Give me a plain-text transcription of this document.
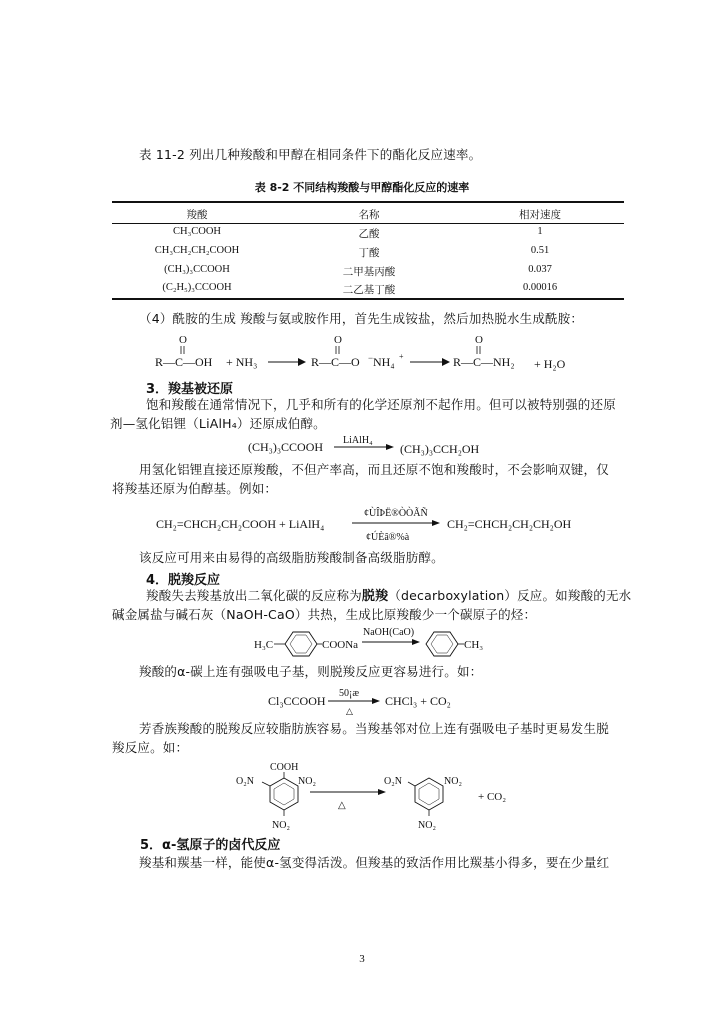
表 11-2 列出几种羧酸和甲醇在相同条件下的酯化反应速率。
表 8-2 不同结构羧酸与甲醇酯化反应的速率
羧酸	名称	相对速度
CH₃COOH	乙酸	1
CH₃CH₂CH₂COOH	丁酸	0.51
(CH₃)₃CCOOH	二甲基丙酸	0.037
(C₂H₅)₃CCOOH	二乙基丁酸	0.00016
（4）酰胺的生成 羧酸与氨或胺作用，首先生成铵盐，然后加热脱水生成酰胺：
O
R—C—OH + NH₃
O
R—C—O − NH₄ +
O
R—C—NH₂ + H₂O
3．羧基被还原
饱和羧酸在通常情况下，几乎和所有的化学还原剂不起作用。但可以被特别强的还原
剂—氢化铝锂（LiAlH₄）还原成伯醇。
(CH₃)₃CCOOH LiAlH₄
(CH₃)₃CCH₂OH
用氢化铝锂直接还原羧酸，不但产率高，而且还原不饱和羧酸时，不会影响双键，仅
将羧基还原为伯醇基。例如：
CH₂=CHCH₂CH₂COOH + LiAlH₄
¢ÙÎÞË®ÒÒÃÑ
¢ÚÈâ®%à
CH₂=CHCH₂CH₂CH₂OH
该反应可用来由易得的高级脂肪羧酸制备高级脂肪醇。
4．脱羧反应
羧酸失去羧基放出二氧化碳的反应称为脱羧（decarboxylation）反应。如羧酸的无水
碱金属盐与碱石灰（NaOH-CaO）共热，生成比原羧酸少一个碳原子的烃：
H₃C	COONa
NaOH(CaO)
CH₃
羧酸的α-碳上连有强吸电子基，则脱羧反应更容易进行。如：
Cl₃CCOOH
50¡æ
△
CHCl₃ + CO₂
芳香族羧酸的脱羧反应较脂肪族容易。当羧基邻对位上连有强吸电子基时更易发生脱
羧反应。如：
COOH
O₂N	NO₂
NO₂
△
O₂N	NO₂
NO₂
+ CO₂
5．α-氢原子的卤代反应
羧基和羰基一样，能使α-氢变得活泼。但羧基的致活作用比羰基小得多，要在少量红
3
